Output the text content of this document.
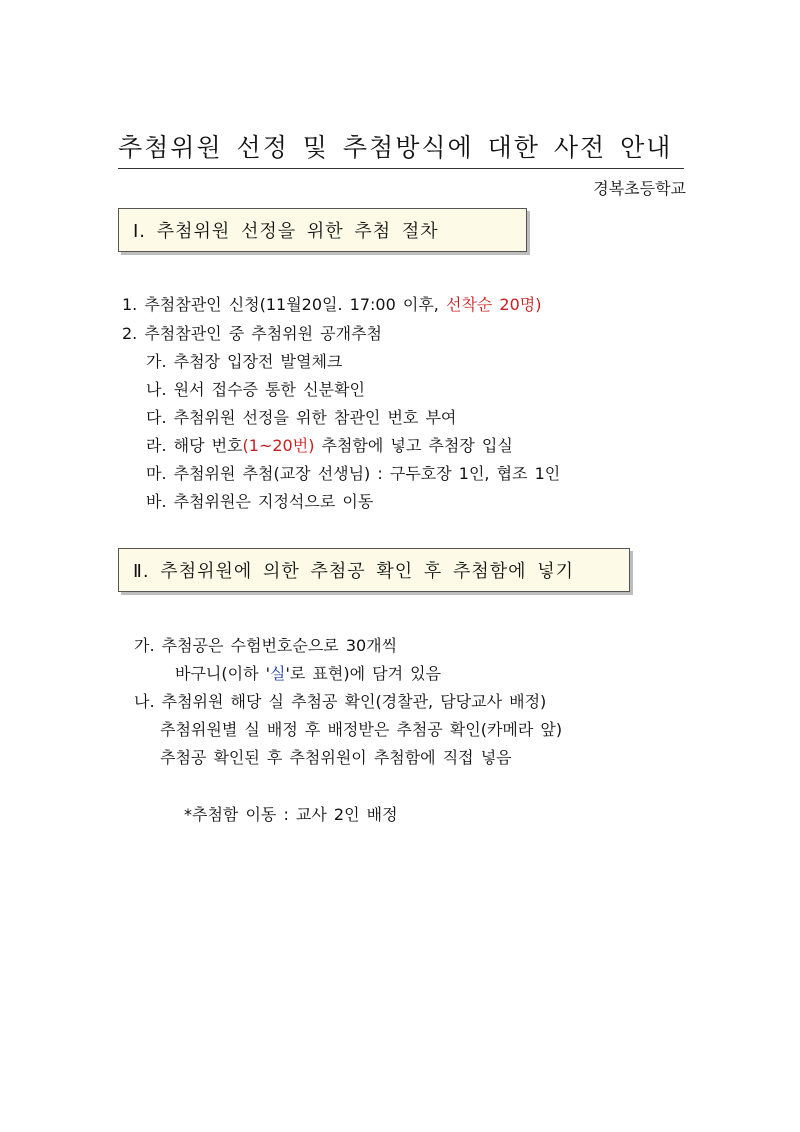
추첨위원 선정 및 추첨방식에 대한 사전 안내
경복초등학교
Ⅰ. 추첨위원 선정을 위한 추첨 절차
1. 추첨참관인 신청(11월20일. 17:00 이후, 선착순 20명)
2. 추첨참관인 중 추첨위원 공개추첨
가. 추첨장 입장전 발열체크
나. 원서 접수증 통한 신분확인
다. 추첨위원 선정을 위한 참관인 번호 부여
라. 해당 번호(1~20번) 추첨함에 넣고 추첨장 입실
마. 추첨위원 추첨(교장 선생님) : 구두호장 1인, 협조 1인
바. 추첨위원은 지정석으로 이동
Ⅱ. 추첨위원에 의한 추첨공 확인 후 추첨함에 넣기
가. 추첨공은 수험번호순으로 30개씩
바구니(이하 '실'로 표현)에 담겨 있음
나. 추첨위원 해당 실 추첨공 확인(경찰관, 담당교사 배정)
추첨위원별 실 배정 후 배정받은 추첨공 확인(카메라 앞)
추첨공 확인된 후 추첨위원이 추첨함에 직접 넣음
*추첨함 이동 : 교사 2인 배정
